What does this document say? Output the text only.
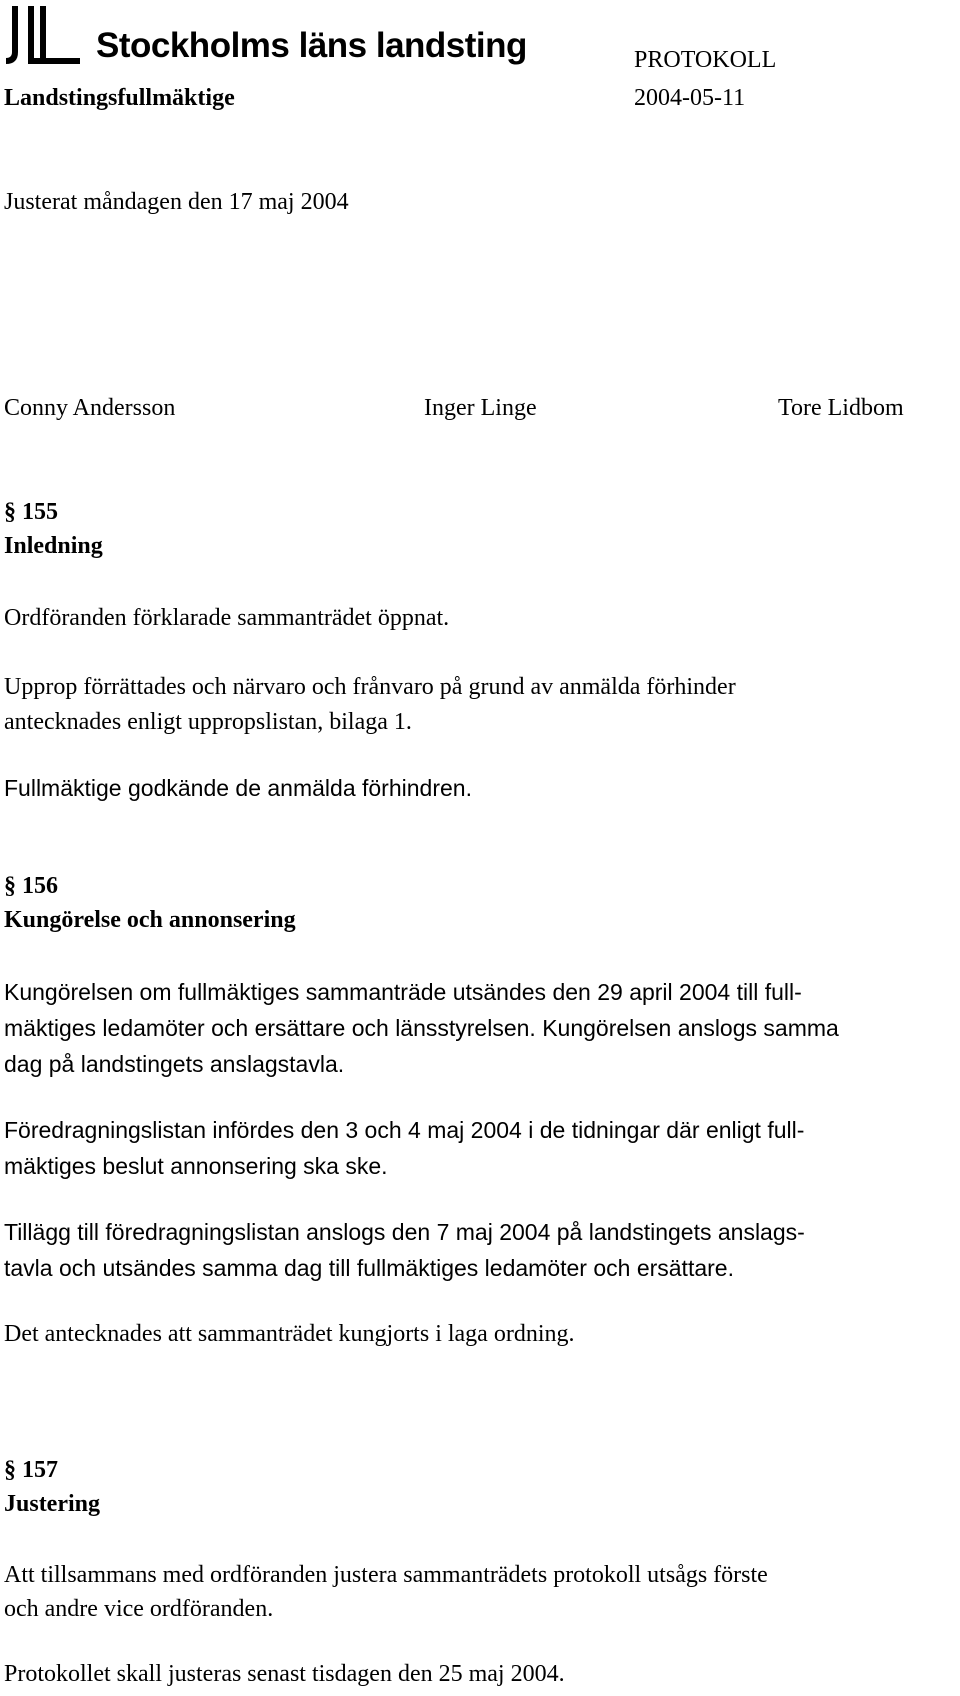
Stockholms läns landsting	PROTOKOLL
Landstingsfullmäktige	2004-05-11
Justerat måndagen den 17 maj 2004
Conny Andersson	Inger Linge	Tore Lidbom
§ 155
Inledning
Ordföranden förklarade sammanträdet öppnat.
Upprop förrättades och närvaro och frånvaro på grund av anmälda förhinder
antecknades enligt uppropslistan, bilaga 1.
Fullmäktige godkände de anmälda förhindren.
§ 156
Kungörelse och annonsering
Kungörelsen om fullmäktiges sammanträde utsändes den 29 april 2004 till full-
mäktiges ledamöter och ersättare och länsstyrelsen. Kungörelsen anslogs samma
dag på landstingets anslagstavla.
Föredragningslistan infördes den 3 och 4 maj 2004 i de tidningar där enligt full-
mäktiges beslut annonsering ska ske.
Tillägg till föredragningslistan anslogs den 7 maj 2004 på landstingets anslags-
tavla och utsändes samma dag till fullmäktiges ledamöter och ersättare.
Det antecknades att sammanträdet kungjorts i laga ordning.
§ 157
Justering
Att tillsammans med ordföranden justera sammanträdets protokoll utsågs förste
och andre vice ordföranden.
Protokollet skall justeras senast tisdagen den 25 maj 2004.
